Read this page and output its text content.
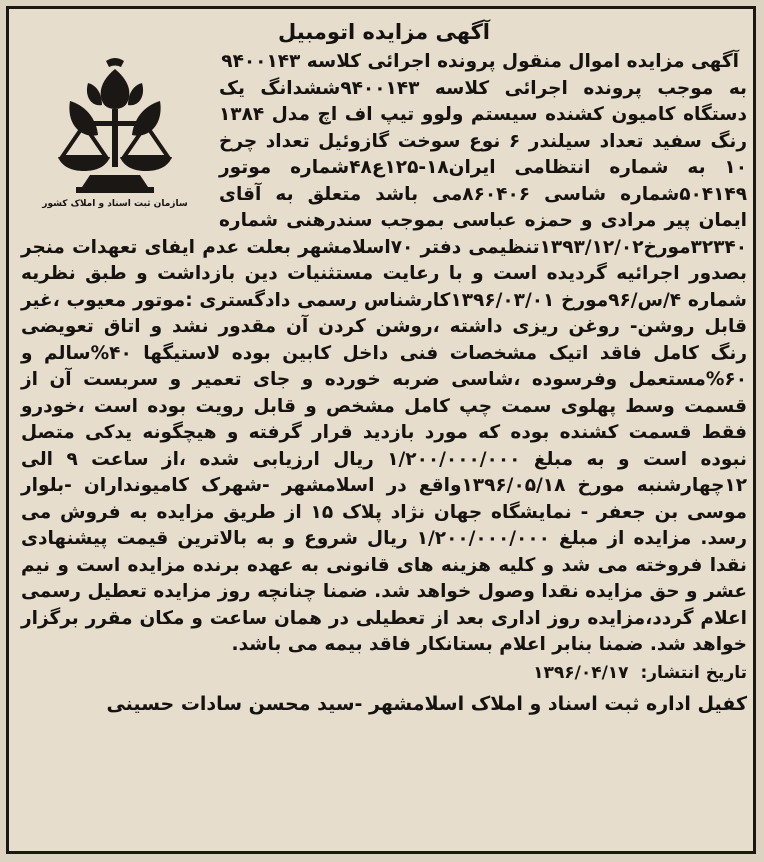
آگهی مزایده اتومبیل
سازمان ثبت اسناد و املاک کشور

آگهی مزایده اموال منقول پرونده اجرائی کلاسه ۹۴۰۰۱۴۳

به موجب پرونده اجرائی کلاسه ۹۴۰۰۱۴۳ششدانگ یک دستگاه کامیون کشنده سیستم ولوو تیپ اف اچ مدل ۱۳۸۴ رنگ سفید تعداد سیلندر ۶ نوع سوخت گازوئیل تعداد چرخ ۱۰ به شماره انتظامی ایران۱۸-۱۲۵ع۴۸شماره موتور ۵۰۴۱۴۹شماره شاسی ۸۶۰۴۰۶می باشد متعلق به آقای ایمان پیر مرادی و حمزه عباسی بموجب سندرهنی شماره ۳۲۳۴۰مورخ۱۳۹۳/۱۲/۰۲تنظیمی دفتر ۷۰اسلامشهر بعلت عدم ایفای تعهدات منجر بصدور اجرائیه گردیده است و با رعایت مستثنیات دین بازداشت و طبق نظریه شماره ۴/س/۹۶مورخ ۱۳۹۶/۰۳/۰۱کارشناس رسمی دادگستری :موتور معیوب ،غیر قابل روشن- روغن ریزی داشته ،روشن کردن آن مقدور نشد و اتاق تعویضی رنگ کامل فاقد اتیک مشخصات فنی داخل کابین بوده لاستیگها ۴۰%سالم و ۶۰%مستعمل وفرسوده ،شاسی ضربه خورده و جای تعمیر و سربست آن از قسمت وسط پهلوی سمت چپ کامل مشخص و قابل رویت بوده است ،خودرو فقط قسمت کشنده بوده که مورد بازدید قرار گرفته و هیچگونه یدکی متصل نبوده است و به مبلغ ۱/۲۰۰/۰۰۰/۰۰۰ ریال ارزیابی شده ،از ساعت ۹ الی ۱۲چهارشنبه مورخ ۱۳۹۶/۰۵/۱۸واقع در اسلامشهر -شهرک کامیونداران -بلوار موسی بن جعفر - نمایشگاه جهان نژاد پلاک ۱۵ از طریق مزایده به فروش می رسد. مزایده از مبلغ ۱/۲۰۰/۰۰۰/۰۰۰ ریال شروع و به بالاترین قیمت پیشنهادی نقدا فروخته می شد و کلیه هزینه های قانونی به عهده برنده مزایده است و نیم عشر و حق مزایده نقدا وصول خواهد شد. ضمنا چنانچه روز مزایده تعطیل رسمی اعلام گردد،مزایده روز اداری بعد از تعطیلی در همان ساعت و مکان مقرر برگزار خواهد شد. ضمنا بنابر اعلام بستانکار فاقد بیمه می باشد.

تاریخ انتشار: ۱۳۹۶/۰۴/۱۷
کفیل اداره ثبت اسناد و املاک اسلامشهر -سید محسن سادات حسینی
